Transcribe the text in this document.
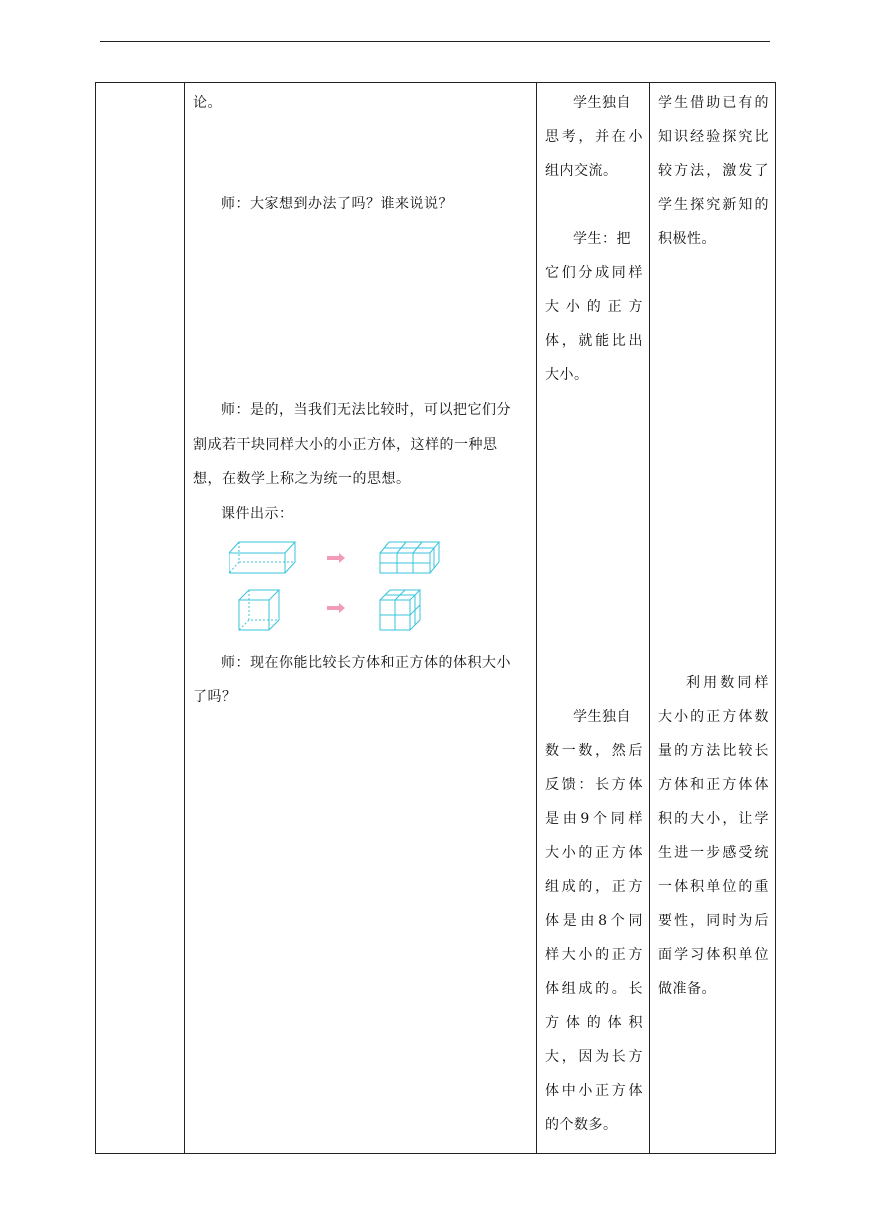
论。
师：大家想到办法了吗？谁来说说？
师：是的，当我们无法比较时，可以把它们分
割成若干块同样大小的小正方体，这样的一种思
想，在数学上称之为统一的思想。
课件出示：
师：现在你能比较长方体和正方体的体积大小
了吗？
学生独自
思考，并在小
组内交流。
学生：把
它们分成同样
大小的正方
体，就能比出
大小。
学生独自
数一数，然后
反馈：长方体
是由9个同样
大小的正方体
组成的，正方
体是由8个同
样大小的正方
体组成的。长
方体的体积
大，因为长方
体中小正方体
的个数多。
学生借助已有的
知识经验探究比
较方法，激发了
学生探究新知的
积极性。
利用数同样
大小的正方体数
量的方法比较长
方体和正方体体
积的大小，让学
生进一步感受统
一体积单位的重
要性，同时为后
面学习体积单位
做准备。
